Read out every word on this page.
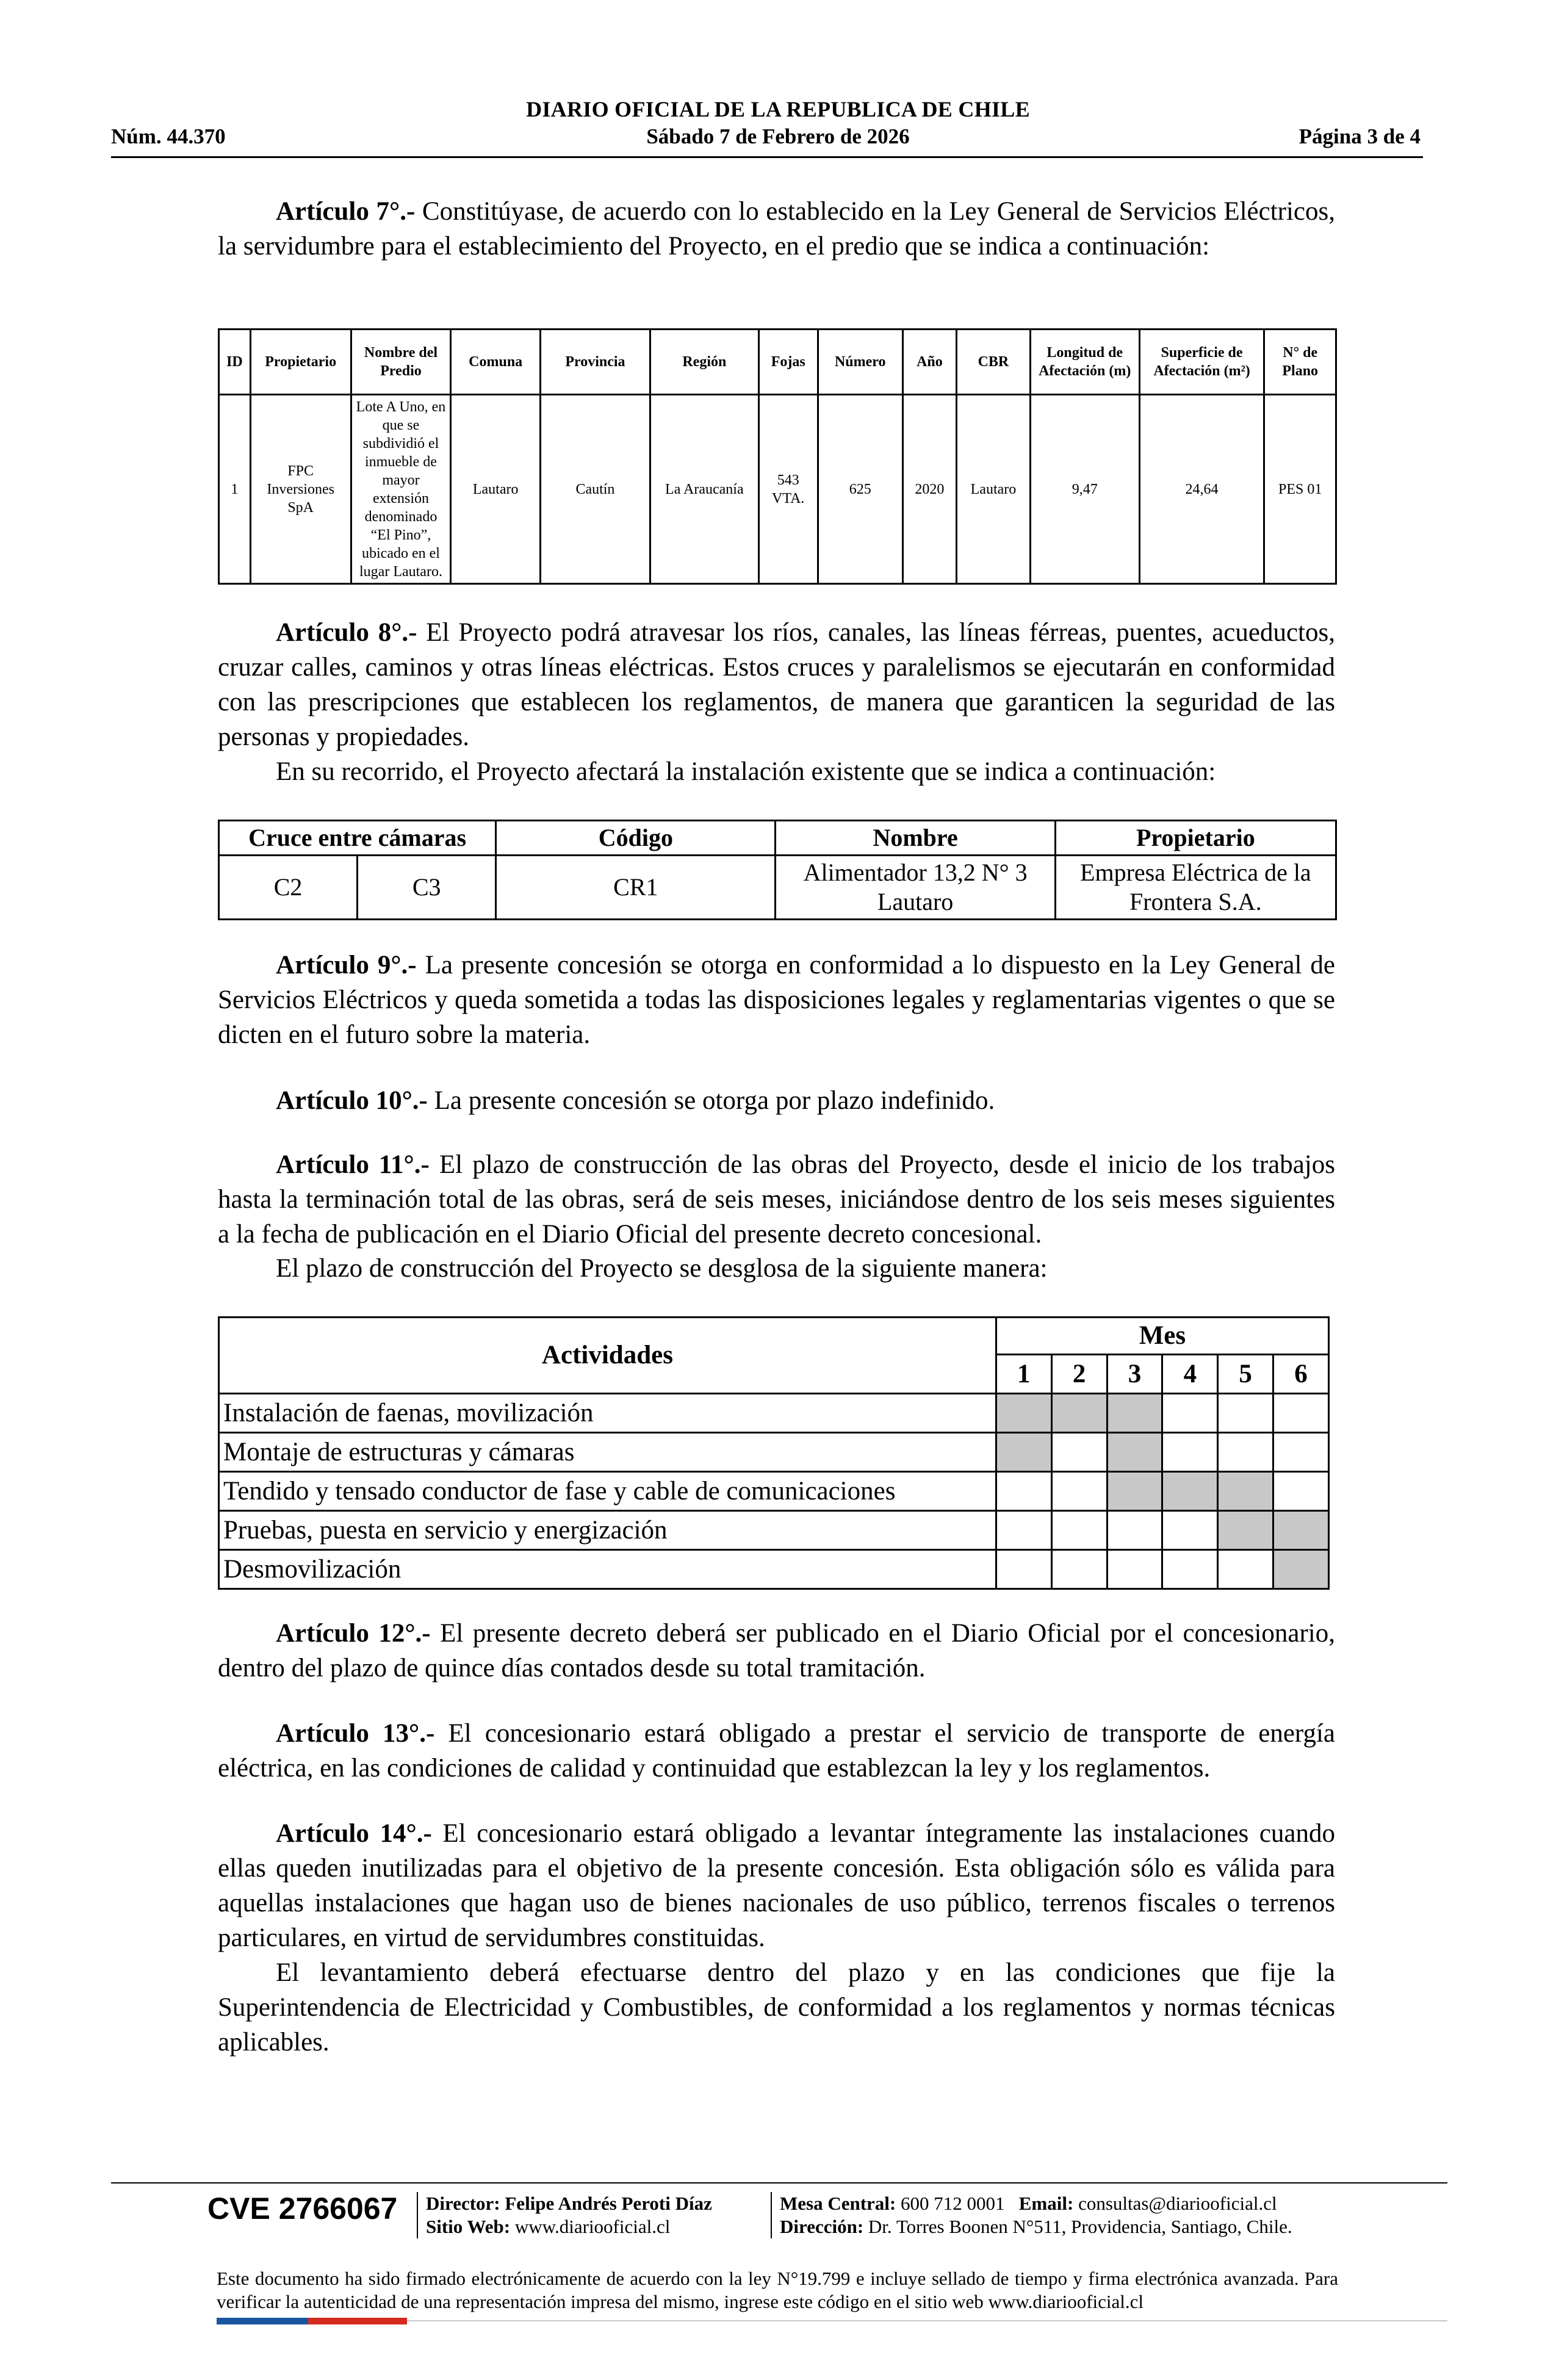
DIARIO OFICIAL DE LA REPUBLICA DE CHILE
Núm. 44.370	Sábado 7 de Febrero de 2026	Página 3 de 4
Artículo 7°.- Constitúyase, de acuerdo con lo establecido en la Ley General de Servicios Eléctricos, la servidumbre para el establecimiento del Proyecto, en el predio que se indica a continuación:
ID	Propietario	Nombre del Predio	Comuna	Provincia	Región	Fojas	Número	Año	CBR	Longitud de Afectación (m)	Superficie de Afectación (m²)	N° de Plano
1	FPC Inversiones SpA	Lote A Uno, en que se subdividió el inmueble de mayor extensión denominado “El Pino”, ubicado en el lugar Lautaro.	Lautaro	Cautín	La Araucanía	543 VTA.	625	2020	Lautaro	9,47	24,64	PES 01
Artículo 8°.- El Proyecto podrá atravesar los ríos, canales, las líneas férreas, puentes, acueductos, cruzar calles, caminos y otras líneas eléctricas. Estos cruces y paralelismos se ejecutarán en conformidad con las prescripciones que establecen los reglamentos, de manera que garanticen la seguridad de las personas y propiedades.
En su recorrido, el Proyecto afectará la instalación existente que se indica a continuación:
Cruce entre cámaras		Código	Nombre	Propietario
C2	C3	CR1	Alimentador 13,2 N° 3 Lautaro	Empresa Eléctrica de la Frontera S.A.
Artículo 9°.- La presente concesión se otorga en conformidad a lo dispuesto en la Ley General de Servicios Eléctricos y queda sometida a todas las disposiciones legales y reglamentarias vigentes o que se dicten en el futuro sobre la materia.
Artículo 10°.- La presente concesión se otorga por plazo indefinido.
Artículo 11°.- El plazo de construcción de las obras del Proyecto, desde el inicio de los trabajos hasta la terminación total de las obras, será de seis meses, iniciándose dentro de los seis meses siguientes a la fecha de publicación en el Diario Oficial del presente decreto concesional.
El plazo de construcción del Proyecto se desglosa de la siguiente manera:
Actividades	Mes					
	1	2	3	4	5	6
Instalación de faenas, movilización						
Montaje de estructuras y cámaras						
Tendido y tensado conductor de fase y cable de comunicaciones						
Pruebas, puesta en servicio y energización						
Desmovilización						
Artículo 12°.- El presente decreto deberá ser publicado en el Diario Oficial por el concesionario, dentro del plazo de quince días contados desde su total tramitación.
Artículo 13°.- El concesionario estará obligado a prestar el servicio de transporte de energía eléctrica, en las condiciones de calidad y continuidad que establezcan la ley y los reglamentos.
Artículo 14°.- El concesionario estará obligado a levantar íntegramente las instalaciones cuando ellas queden inutilizadas para el objetivo de la presente concesión. Esta obligación sólo es válida para aquellas instalaciones que hagan uso de bienes nacionales de uso público, terrenos fiscales o terrenos particulares, en virtud de servidumbres constituidas.
El levantamiento deberá efectuarse dentro del plazo y en las condiciones que fije la Superintendencia de Electricidad y Combustibles, de conformidad a los reglamentos y normas técnicas aplicables.
CVE 2766067 Director: Felipe Andrés Peroti Díaz
Sitio Web: www.diariooficial.cl
Mesa Central: 600 712 0001 Email: consultas@diariooficial.cl
Dirección: Dr. Torres Boonen N°511, Providencia, Santiago, Chile.
Este documento ha sido firmado electrónicamente de acuerdo con la ley N°19.799 e incluye sellado de tiempo y firma electrónica avanzada. Para verificar la autenticidad de una representación impresa del mismo, ingrese este código en el sitio web www.diariooficial.cl
